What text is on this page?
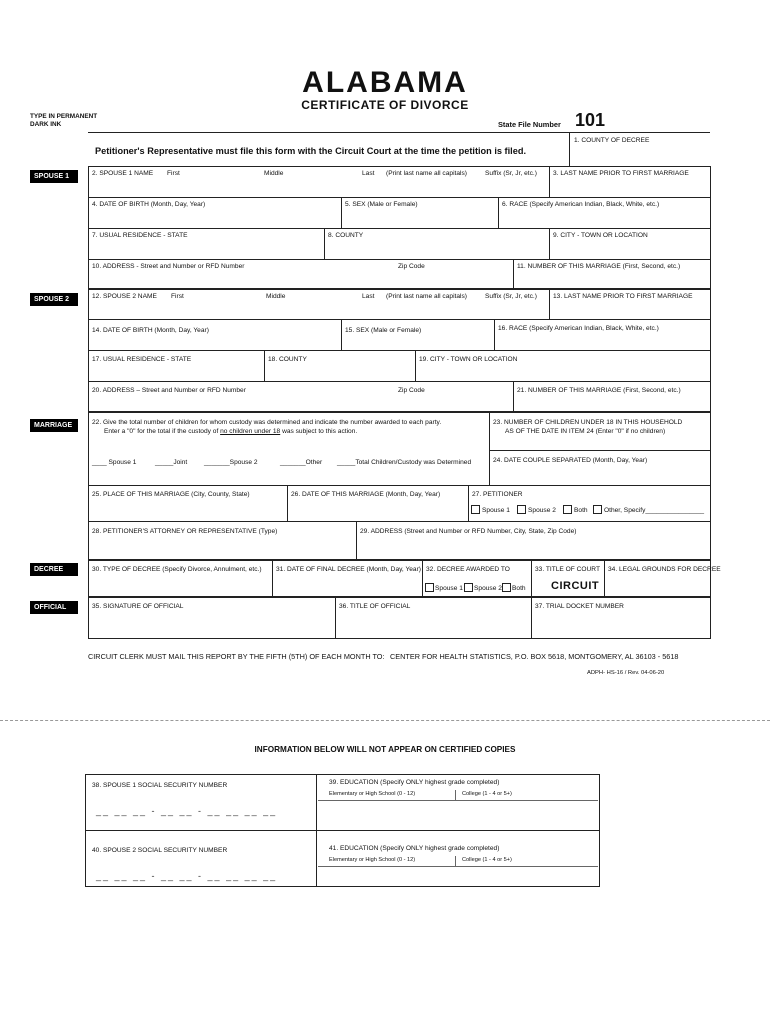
ALABAMA
CERTIFICATE OF DIVORCE
TYPE IN PERMANENT
DARK INK	State File Number 101
1. COUNTY OF DECREE
Petitioner's Representative must file this form with the Circuit Court at the time the petition is filed.
SPOUSE 1	2. SPOUSE 1 NAME First	Middle	Last (Print last name all capitals)	Suffix (Sr, Jr, etc.) 3. LAST NAME PRIOR TO FIRST MARRIAGE
4. DATE OF BIRTH (Month, Day, Year)	5. SEX (Male or Female)	6. RACE (Specify American Indian, Black, White, etc.)
7. USUAL RESIDENCE - STATE	8. COUNTY	9. CITY - TOWN OR LOCATION
10. ADDRESS - Street and Number or RFD Number	Zip Code	11. NUMBER OF THIS MARRIAGE (First, Second, etc.)
SPOUSE 2	12. SPOUSE 2 NAME First	Middle	Last (Print last name all capitals)	Suffix (Sr, Jr, etc.) 13. LAST NAME PRIOR TO FIRST MARRIAGE
14. DATE OF BIRTH (Month, Day, Year)	15. SEX (Male or Female)	16. RACE (Specify American Indian, Black, White, etc.)
17. USUAL RESIDENCE - STATE	18. COUNTY	19. CITY - TOWN OR LOCATION
20. ADDRESS – Street and Number or RFD Number	Zip Code	21. NUMBER OF THIS MARRIAGE (First, Second, etc.)
MARRIAGE	22. Give the total number of children for whom custody was determined and indicate the number awarded to each party.
Enter a "0" for the total if the custody of no children under 18 was subject to this action.
____ Spouse 1	_____Joint	_______Spouse 2	_______Other _____Total Children/Custody was Determined
23. NUMBER OF CHILDREN UNDER 18 IN THIS HOUSEHOLD
AS OF THE DATE IN ITEM 24 (Enter "0" if no children)
24. DATE COUPLE SEPARATED (Month, Day, Year)
25. PLACE OF THIS MARRIAGE (City, County, State)	26. DATE OF THIS MARRIAGE (Month, Day, Year)	27. PETITIONER
Spouse 1	Spouse 2	Both Other, Specify________________
28. PETITIONER'S ATTORNEY OR REPRESENTATIVE (Type)	29. ADDRESS (Street and Number or RFD Number, City, State, Zip Code)
DECREE	30. TYPE OF DECREE (Specify Divorce, Annulment, etc.) 31. DATE OF FINAL DECREE (Month, Day, Year) 32. DECREE AWARDED TO
Spouse 1 Spouse 2 Both
33. TITLE OF COURT
CIRCUIT
34. LEGAL GROUNDS FOR DECREE
OFFICIAL	35. SIGNATURE OF OFFICIAL	36. TITLE OF OFFICIAL	37. TRIAL DOCKET NUMBER
CIRCUIT CLERK MUST MAIL THIS REPORT BY THE FIFTH (5TH) OF EACH MONTH TO: CENTER FOR HEALTH STATISTICS, P.O. BOX 5618, MONTGOMERY, AL 36103 - 5618
ADPH- HS-16 / Rev. 04-06-20
INFORMATION BELOW WILL NOT APPEAR ON CERTIFIED COPIES
38. SPOUSE 1 SOCIAL SECURITY NUMBER
__ __ __ - __ __ - __ __ __ __
39. EDUCATION (Specify ONLY highest grade completed)
Elementary or High School (0 - 12)	College (1 - 4 or 5+)
40. SPOUSE 2 SOCIAL SECURITY NUMBER
__ __ __ - __ __ - __ __ __ __
41. EDUCATION (Specify ONLY highest grade completed)
Elementary or High School (0 - 12)	College (1 - 4 or 5+)
